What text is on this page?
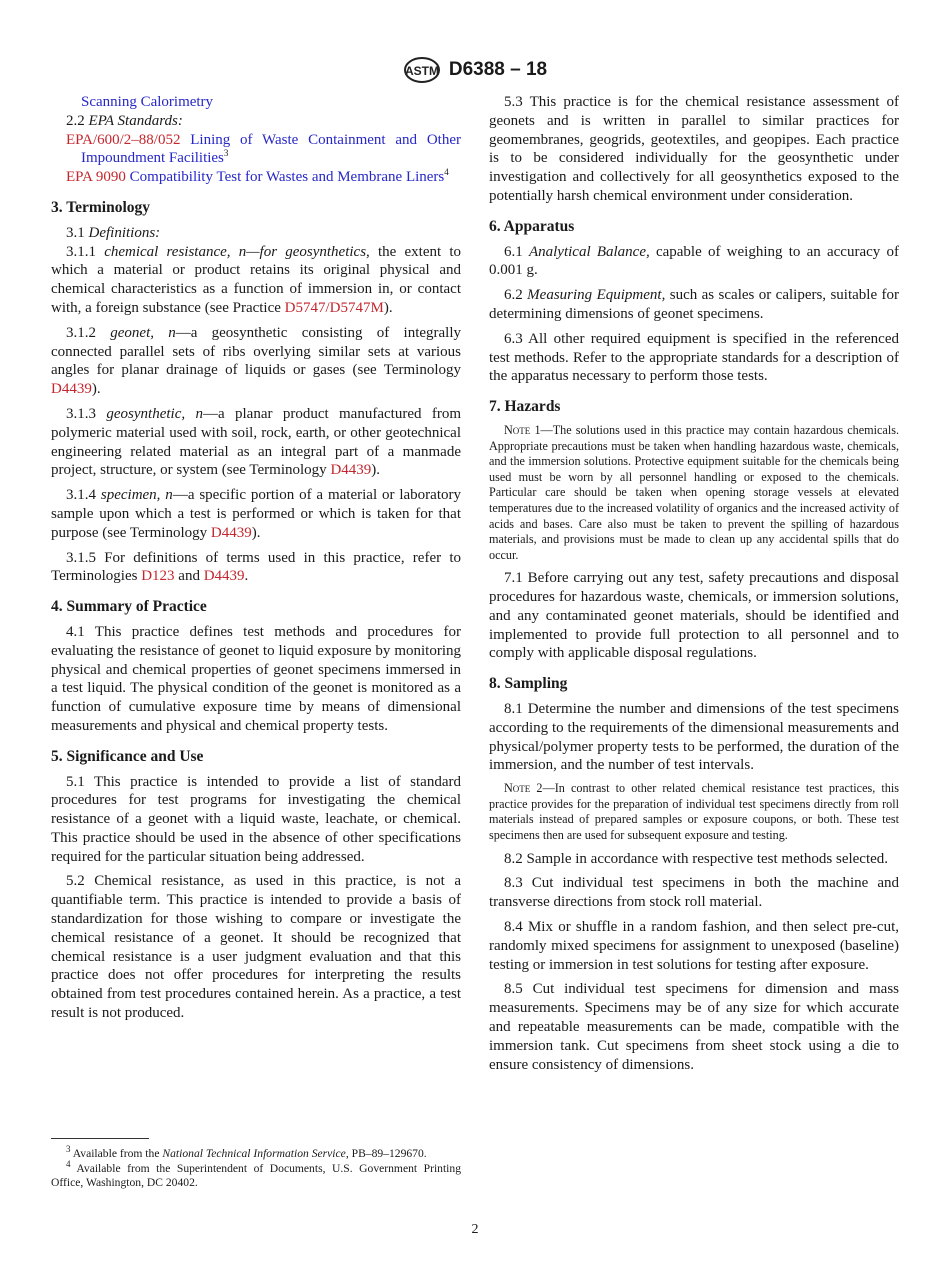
ASTM D6388 – 18
Scanning Calorimetry
2.2 EPA Standards:
EPA/600/2–88/052 Lining of Waste Containment and Other Impoundment Facilities$^3$
EPA 9090 Compatibility Test for Wastes and Membrane Liners$^4$
3. Terminology
3.1 Definitions:
3.1.1 chemical resistance, n—for geosynthetics, the extent to which a material or product retains its original physical and chemical characteristics as a function of immersion in, or contact with, a foreign substance (see Practice D5747/D5747M).
3.1.2 geonet, n—a geosynthetic consisting of integrally connected parallel sets of ribs overlying similar sets at various angles for planar drainage of liquids or gases (see Terminology D4439).
3.1.3 geosynthetic, n—a planar product manufactured from polymeric material used with soil, rock, earth, or other geotechnical engineering related material as an integral part of a manmade project, structure, or system (see Terminology D4439).
3.1.4 specimen, n—a specific portion of a material or laboratory sample upon which a test is performed or which is taken for that purpose (see Terminology D4439).
3.1.5 For definitions of terms used in this practice, refer to Terminologies D123 and D4439.
4. Summary of Practice
4.1 This practice defines test methods and procedures for evaluating the resistance of geonet to liquid exposure by monitoring physical and chemical properties of geonet specimens immersed in a test liquid. The physical condition of the geonet is monitored as a function of cumulative exposure time by means of dimensional measurements and physical and chemical property tests.
5. Significance and Use
5.1 This practice is intended to provide a list of standard procedures for test programs for investigating the chemical resistance of a geonet with a liquid waste, leachate, or chemical. This practice should be used in the absence of other specifications required for the particular situation being addressed.
5.2 Chemical resistance, as used in this practice, is not a quantifiable term. This practice is intended to provide a basis of standardization for those wishing to compare or investigate the chemical resistance of a geonet. It should be recognized that chemical resistance is a user judgment evaluation and that this practice does not offer procedures for interpreting the results obtained from test procedures contained herein. As a practice, a test result is not produced.
5.3 This practice is for the chemical resistance assessment of geonets and is written in parallel to similar practices for geomembranes, geogrids, geotextiles, and geopipes. Each practice is to be considered individually for the geosynthetic under investigation and collectively for all geosynthetics exposed to the potentially harsh chemical environment under consideration.
6. Apparatus
6.1 Analytical Balance, capable of weighing to an accuracy of 0.001 g.
6.2 Measuring Equipment, such as scales or calipers, suitable for determining dimensions of geonet specimens.
6.3 All other required equipment is specified in the referenced test methods. Refer to the appropriate standards for a description of the apparatus necessary to perform those tests.
7. Hazards
Note 1—The solutions used in this practice may contain hazardous chemicals. Appropriate precautions must be taken when handling hazardous waste, chemicals, and the immersion solutions. Protective equipment suitable for the chemicals being used must be worn by all personnel handling or exposed to the chemicals. Particular care should be taken when opening storage vessels at elevated temperatures due to the increased volatility of organics and the increased activity of acids and bases. Care also must be taken to prevent the spilling of hazardous materials, and provisions must be made to clean up any accidental spills that do occur.
7.1 Before carrying out any test, safety precautions and disposal procedures for hazardous waste, chemicals, or immersion solutions, and any contaminated geonet materials, should be identified and implemented to provide full protection to all personnel and to comply with applicable disposal regulations.
8. Sampling
8.1 Determine the number and dimensions of the test specimens according to the requirements of the dimensional measurements and physical/polymer property tests to be performed, the duration of the immersion, and the number of test intervals.
Note 2—In contrast to other related chemical resistance test practices, this practice provides for the preparation of individual test specimens directly from roll materials instead of prepared samples or exposure coupons, or both. These test specimens then are used for subsequent exposure and testing.
8.2 Sample in accordance with respective test methods selected.
8.3 Cut individual test specimens in both the machine and transverse directions from stock roll material.
8.4 Mix or shuffle in a random fashion, and then select pre-cut, randomly mixed specimens for assignment to unexposed (baseline) testing or immersion in test solutions for testing after exposure.
8.5 Cut individual test specimens for dimension and mass measurements. Specimens may be of any size for which accurate and repeatable measurements can be made, compatible with the immersion tank. Cut specimens from sheet stock using a die to ensure consistency of dimensions.
$^3$ Available from the National Technical Information Service, PB–89–129670.
$^4$ Available from the Superintendent of Documents, U.S. Government Printing Office, Washington, DC 20402.
2
